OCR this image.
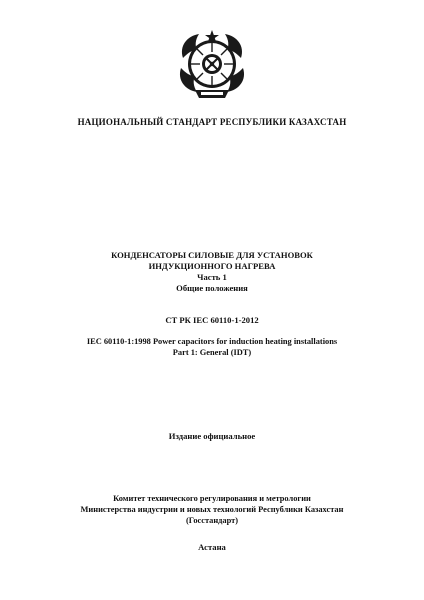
НАЦИОНАЛЬНЫЙ СТАНДАРТ РЕСПУБЛИКИ КАЗАХСТАН
КОНДЕНСАТОРЫ СИЛОВЫЕ ДЛЯ УСТАНОВОК
ИНДУКЦИОННОГО НАГРЕВА
Часть 1
Общие положения
СТ РК IEC 60110-1-2012
IEC 60110-1:1998 Power capacitors for induction heating installations
Part 1: General (IDT)
Издание официальное
Комитет технического регулирования и метрологии
Министерства индустрии и новых технологий Республики Казахстан
(Госстандарт)
Астана
